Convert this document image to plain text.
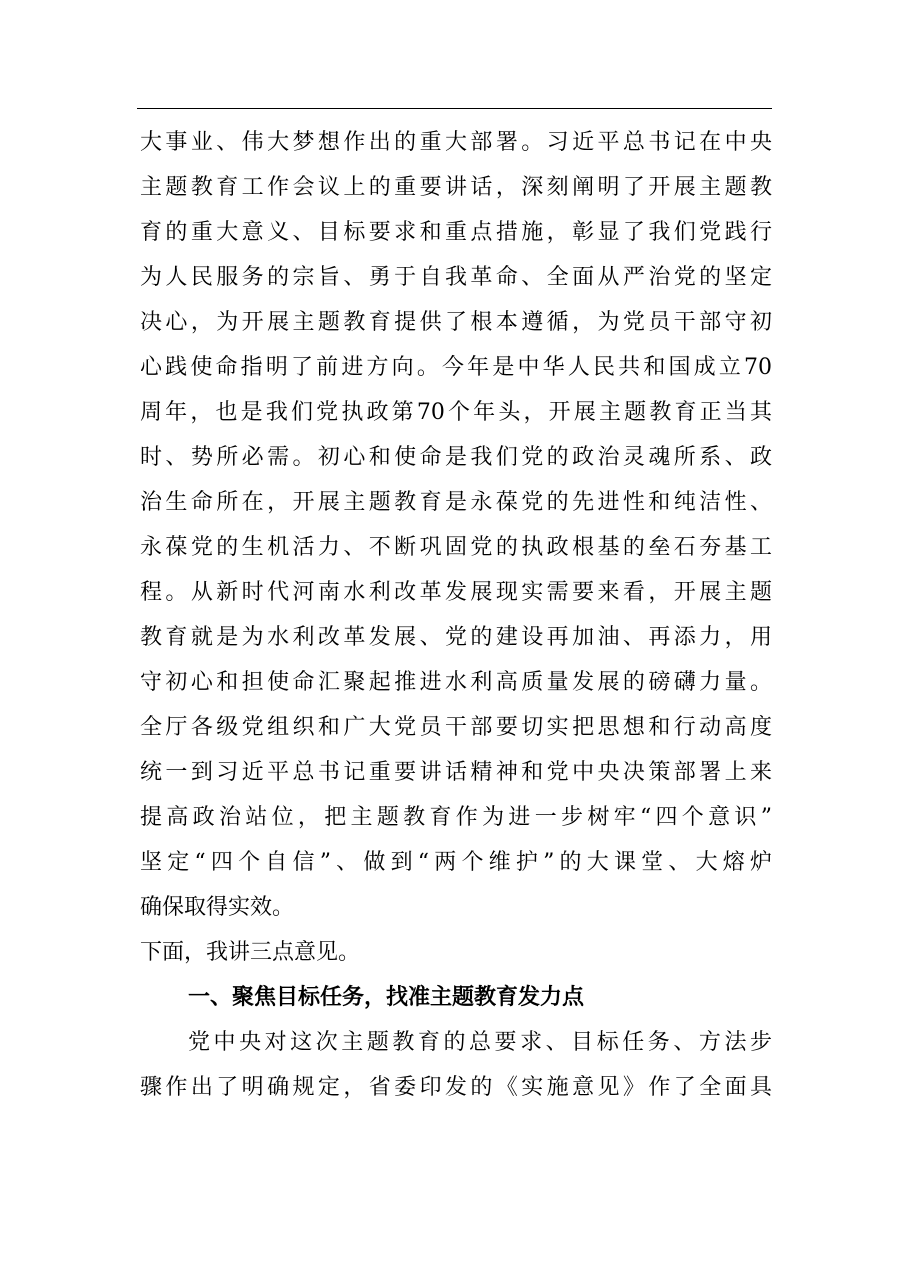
大事业、伟大梦想作出的重大部署。习近平总书记在中央
主题教育工作会议上的重要讲话，深刻阐明了开展主题教
育的重大意义、目标要求和重点措施，彰显了我们党践行
为人民服务的宗旨、勇于自我革命、全面从严治党的坚定
决心，为开展主题教育提供了根本遵循，为党员干部守初
心践使命指明了前进方向。今年是中华人民共和国成立70
周年，也是我们党执政第70个年头，开展主题教育正当其
时、势所必需。初心和使命是我们党的政治灵魂所系、政
治生命所在，开展主题教育是永葆党的先进性和纯洁性、
永葆党的生机活力、不断巩固党的执政根基的垒石夯基工
程。从新时代河南水利改革发展现实需要来看，开展主题
教育就是为水利改革发展、党的建设再加油、再添力，用
守初心和担使命汇聚起推进水利高质量发展的磅礴力量。
全厅各级党组织和广大党员干部要切实把思想和行动高度
统一到习近平总书记重要讲话精神和党中央决策部署上来
提高政治站位，把主题教育作为进一步树牢“四个意识”
坚定“四个自信”、做到“两个维护”的大课堂、大熔炉
确保取得实效。
下面，我讲三点意见。
一、聚焦目标任务，找准主题教育发力点
党中央对这次主题教育的总要求、目标任务、方法步
骤作出了明确规定，省委印发的《实施意见》作了全面具
